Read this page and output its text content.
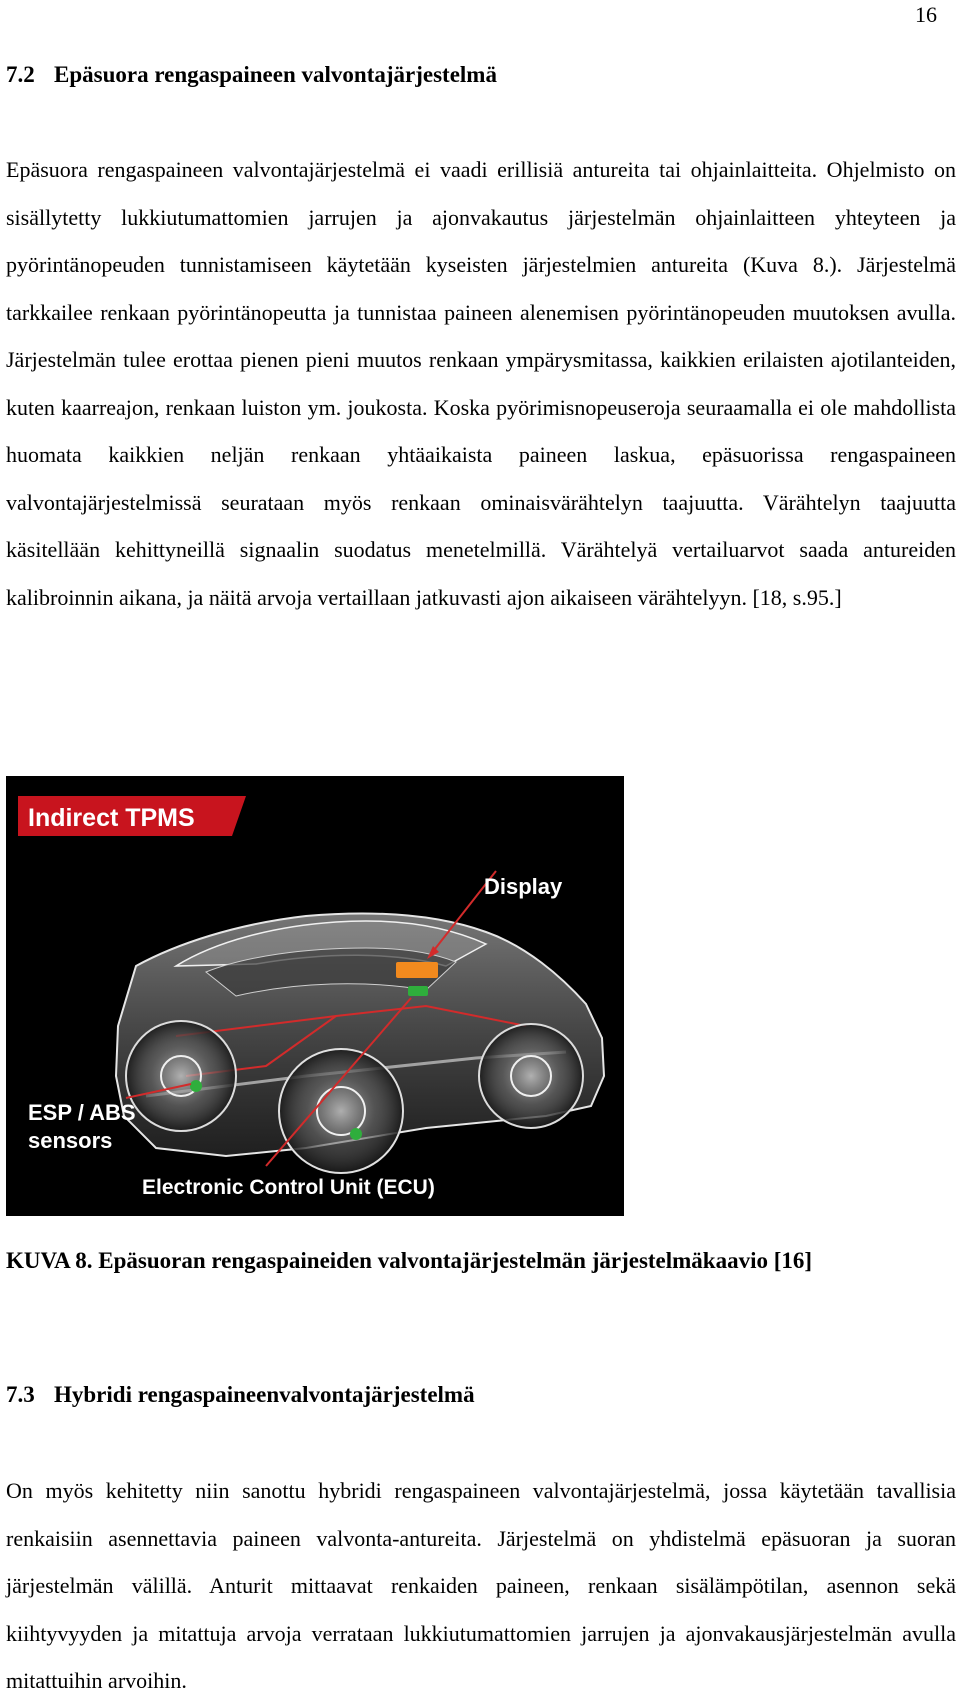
16
7.2 Epäsuora rengaspaineen valvontajärjestelmä

Epäsuora rengaspaineen valvontajärjestelmä ei vaadi erillisiä antureita tai ohjainlaitteita. Ohjelmisto on sisällytetty lukkiutumattomien jarrujen ja ajonvakautus järjestelmän ohjainlaitteen yhteyteen ja pyörintänopeuden tunnistamiseen käytetään kyseisten järjestelmien antureita (Kuva 8.). Järjestelmä tarkkailee renkaan pyörintänopeutta ja tunnistaa paineen alenemisen pyörintänopeuden muutoksen avulla. Järjestelmän tulee erottaa pienen pieni muutos renkaan ympärysmitassa, kaikkien erilaisten ajotilanteiden, kuten kaarreajon, renkaan luiston ym. joukosta. Koska pyörimisnopeuseroja seuraamalla ei ole mahdollista huomata kaikkien neljän renkaan yhtäaikaista paineen laskua, epäsuorissa rengaspaineen valvontajärjestelmissä seurataan myös renkaan ominaisvärähtelyn taajuutta. Värähtelyn taajuutta käsitellään kehittyneillä signaalin suodatus menetelmillä. Värähtelyä vertailuarvot saada antureiden kalibroinnin aikana, ja näitä arvoja vertaillaan jatkuvasti ajon aikaiseen värähtelyyn. [18, s.95.]

Indirect TPMS
Display
ESP / ABS
sensors
Electronic Control Unit (ECU)

KUVA 8. Epäsuoran rengaspaineiden valvontajärjestelmän järjestelmäkaavio [16]

7.3 Hybridi rengaspaineenvalvontajärjestelmä

On myös kehitetty niin sanottu hybridi rengaspaineen valvontajärjestelmä, jossa käytetään tavallisia renkaisiin asennettavia paineen valvonta-antureita. Järjestelmä on yhdistelmä epäsuoran ja suoran järjestelmän välillä. Anturit mittaavat renkaiden paineen, renkaan sisälämpötilan, asennon sekä kiihtyvyyden ja mitattuja arvoja verrataan lukkiutumattomien jarrujen ja ajonvakausjärjestelmän avulla mitattuihin arvoihin.
